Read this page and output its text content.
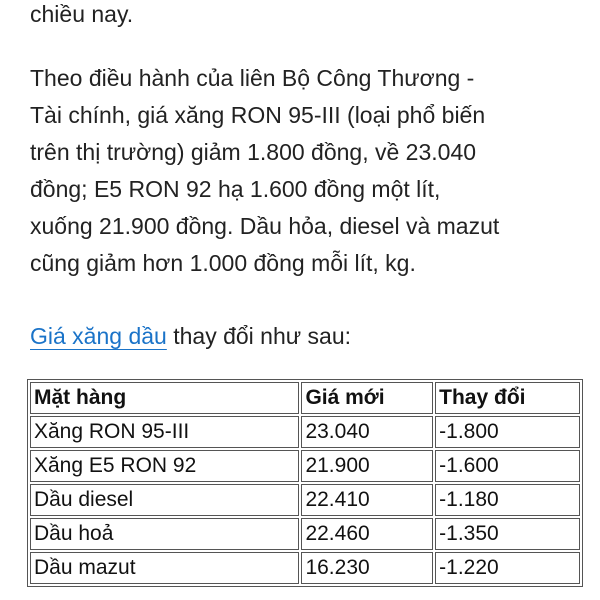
chiều nay.

Theo điều hành của liên Bộ Công Thương -
Tài chính, giá xăng RON 95-III (loại phổ biến
trên thị trường) giảm 1.800 đồng, về 23.040
đồng; E5 RON 92 hạ 1.600 đồng một lít,
xuống 21.900 đồng. Dầu hỏa, diesel và mazut
cũng giảm hơn 1.000 đồng mỗi lít, kg.

Giá xăng dầu thay đổi như sau:

Mặt hàng	Giá mới	Thay đổi
Xăng RON 95-III	23.040	-1.800
Xăng E5 RON 92	21.900	-1.600
Dầu diesel	22.410	-1.180
Dầu hoả	22.460	-1.350
Dầu mazut	16.230	-1.220
